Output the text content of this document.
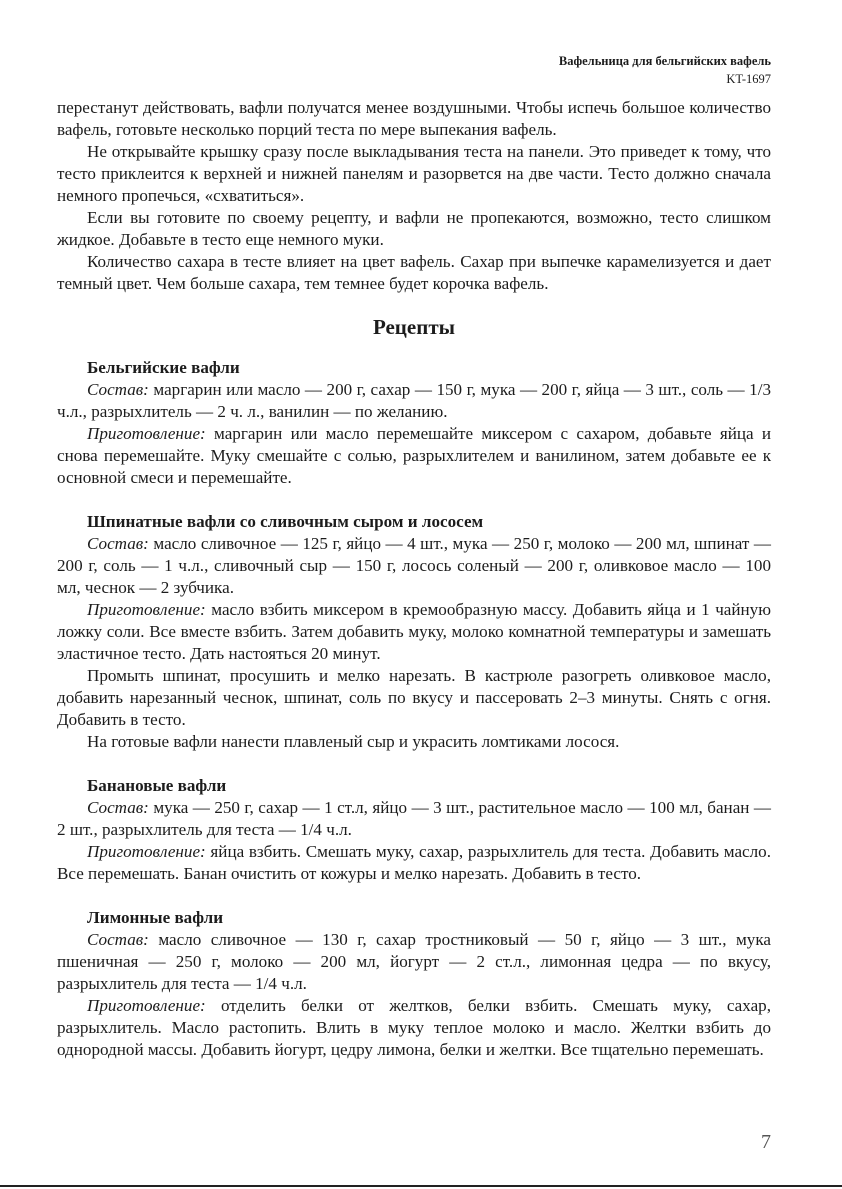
Вафельница для бельгийских вафель
KT-1697

перестанут действовать, вафли получатся менее воздушными. Чтобы испечь большое количество вафель, готовьте несколько порций теста по мере выпекания вафель.

Не открывайте крышку сразу после выкладывания теста на панели. Это приведет к тому, что тесто приклеится к верхней и нижней панелям и разорвется на две части. Тесто должно сначала немного пропечься, «схватиться».

Если вы готовите по своему рецепту, и вафли не пропекаются, возможно, тесто слишком жидкое. Добавьте в тесто еще немного муки.

Количество сахара в тесте влияет на цвет вафель. Сахар при выпечке карамелизуется и дает темный цвет. Чем больше сахара, тем темнее будет корочка вафель.

Рецепты

Бельгийские вафли

Состав: маргарин или масло — 200 г, сахар — 150 г, мука — 200 г, яйца — 3 шт., соль — 1/3 ч.л., разрыхлитель — 2 ч. л., ванилин — по желанию.

Приготовление: маргарин или масло перемешайте миксером с сахаром, добавьте яйца и снова перемешайте. Муку смешайте с солью, разрыхлителем и ванилином, затем добавьте ее к основной смеси и перемешайте.

Шпинатные вафли со сливочным сыром и лососем

Состав: масло сливочное — 125 г, яйцо — 4 шт., мука — 250 г, молоко — 200 мл, шпинат — 200 г, соль — 1 ч.л., сливочный сыр — 150 г, лосось соленый — 200 г, оливковое масло — 100 мл, чеснок — 2 зубчика.

Приготовление: масло взбить миксером в кремообразную массу. Добавить яйца и 1 чайную ложку соли. Все вместе взбить. Затем добавить муку, молоко комнатной температуры и замешать эластичное тесто. Дать настояться 20 минут.

Промыть шпинат, просушить и мелко нарезать. В кастрюле разогреть оливковое масло, добавить нарезанный чеснок, шпинат, соль по вкусу и пассеровать 2–3 минуты. Снять с огня. Добавить в тесто.

На готовые вафли нанести плавленый сыр и украсить ломтиками лосося.

Банановые вафли

Состав: мука — 250 г, сахар — 1 ст.л, яйцо — 3 шт., растительное масло — 100 мл, банан — 2 шт., разрыхлитель для теста — 1/4 ч.л.

Приготовление: яйца взбить. Смешать муку, сахар, разрыхлитель для теста. Добавить масло. Все перемешать. Банан очистить от кожуры и мелко нарезать. Добавить в тесто.

Лимонные вафли

Состав: масло сливочное — 130 г, сахар тростниковый — 50 г, яйцо — 3 шт., мука пшеничная — 250 г, молоко — 200 мл, йогурт — 2 ст.л., лимонная цедра — по вкусу, разрыхлитель для теста — 1/4 ч.л.

Приготовление: отделить белки от желтков, белки взбить. Смешать муку, сахар, разрыхлитель. Масло растопить. Влить в муку теплое молоко и масло. Желтки взбить до однородной массы. Добавить йогурт, цедру лимона, белки и желтки. Все тщательно перемешать.

7
